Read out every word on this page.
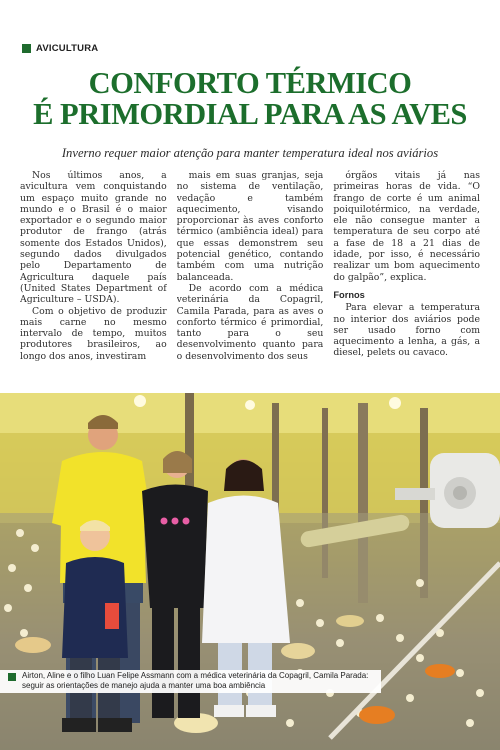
AVICULTURA
CONFORTO TÉRMICO
É PRIMORDIAL PARA AS AVES
Inverno requer maior atenção para manter temperatura ideal nos aviários

Nos últimos anos, a avicultura vem conquistando um espaço muito grande no mundo e o Brasil é o maior exportador e o segundo maior produtor de frango (atrás somente dos Estados Unidos), segundo dados divulgados pelo Departamento de Agricultura daquele país (United States Department of Agriculture – USDA).

Com o objetivo de produzir mais carne no mesmo intervalo de tempo, muitos produtores brasileiros, ao longo dos anos, investiram

mais em suas granjas, seja no sistema de ventilação, vedação e também aquecimento, visando proporcionar às aves conforto térmico (ambiência ideal) para que essas demonstrem seu potencial genético, contando também com uma nutrição balanceada.

De acordo com a médica veterinária da Copagril, Camila Parada, para as aves o conforto térmico é primordial, tanto para o seu desenvolvimento quanto para o desenvolvimento dos seus

órgãos vitais já nas primeiras horas de vida. “O frango de corte é um animal poiquilotérmico, na verdade, ele não consegue manter a temperatura de seu corpo até a fase de 18 a 21 dias de idade, por isso, é necessário realizar um bom aquecimento do galpão”, explica.

Fornos

Para elevar a temperatura no interior dos aviários pode ser usado forno com aquecimento a lenha, a gás, a diesel, pelets ou cavaco.

Airton, Aline e o filho Luan Felipe Assmann com a médica veterinária da Copagril, Camila Parada: seguir as orientações de manejo ajuda a manter uma boa ambiência
